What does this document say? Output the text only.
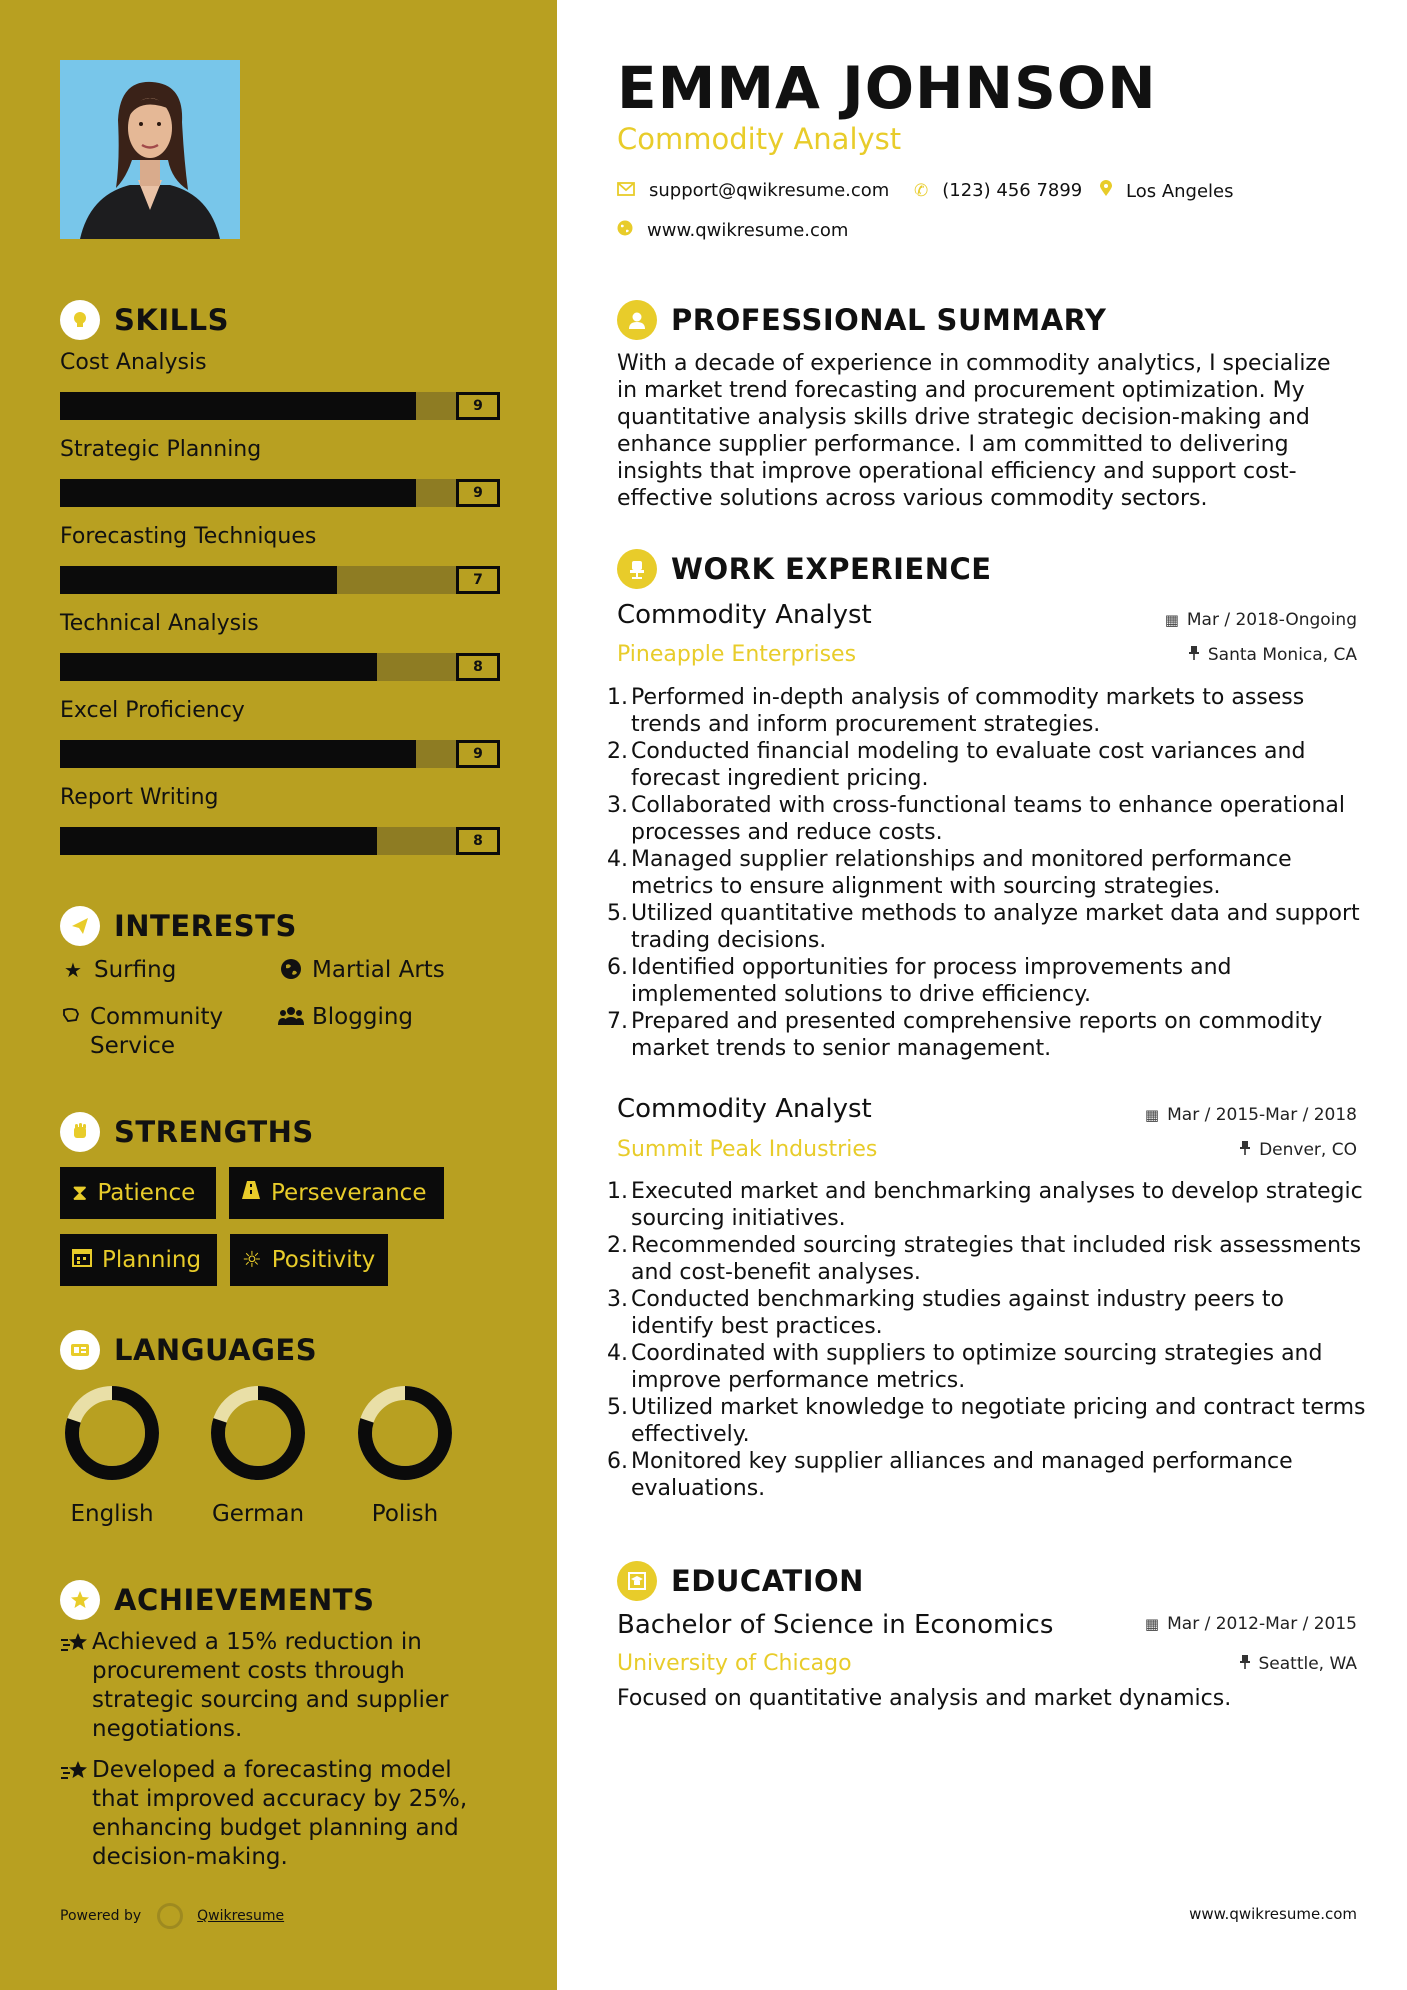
SKILLS
Cost Analysis
9
Strategic Planning
9
Forecasting Techniques
7
Technical Analysis
8
Excel Proficiency
9
Report Writing
8
INTERESTS
★ Surfing	Martial Arts
Community Service
Blogging
STRENGTHS
⧗ Patience	Perseverance
Planning ☼ Positivity
LANGUAGES
English	German	Polish
ACHIEVEMENTS
Achieved a 15% reduction in procurement costs through strategic sourcing and supplier negotiations.
Developed a forecasting model that improved accuracy by 25%, enhancing budget planning and decision-making.
Powered by	Qwikresume
EMMA JOHNSON
Commodity Analyst
support@qwikresume.com ✆ (123) 456 7899 Los Angeles
www.qwikresume.com
PROFESSIONAL SUMMARY
With a decade of experience in commodity analytics, I specialize in market trend forecasting and procurement optimization. My quantitative analysis skills drive strategic decision-making and enhance supplier performance. I am committed to delivering insights that improve operational efficiency and support cost-effective solutions across various commodity sectors.
WORK EXPERIENCE
Commodity Analyst
Pineapple Enterprises
▦ Mar / 2018-Ongoing
Santa Monica, CA
1. Performed in-depth analysis of commodity markets to assess trends and inform procurement strategies.
2. Conducted financial modeling to evaluate cost variances and forecast ingredient pricing.
3. Collaborated with cross-functional teams to enhance operational processes and reduce costs.
4. Managed supplier relationships and monitored performance metrics to ensure alignment with sourcing strategies.
5. Utilized quantitative methods to analyze market data and support trading decisions.
6. Identified opportunities for process improvements and implemented solutions to drive efficiency.
7. Prepared and presented comprehensive reports on commodity market trends to senior management.
Commodity Analyst
Summit Peak Industries
▦ Mar / 2015-Mar / 2018
Denver, CO
1. Executed market and benchmarking analyses to develop strategic sourcing initiatives.
2. Recommended sourcing strategies that included risk assessments and cost-benefit analyses.
3. Conducted benchmarking studies against industry peers to identify best practices.
4. Coordinated with suppliers to optimize sourcing strategies and improve performance metrics.
5. Utilized market knowledge to negotiate pricing and contract terms effectively.
6. Monitored key supplier alliances and managed performance evaluations.
EDUCATION
Bachelor of Science in Economics
University of Chicago
▦ Mar / 2012-Mar / 2015
Seattle, WA
Focused on quantitative analysis and market dynamics.
www.qwikresume.com
